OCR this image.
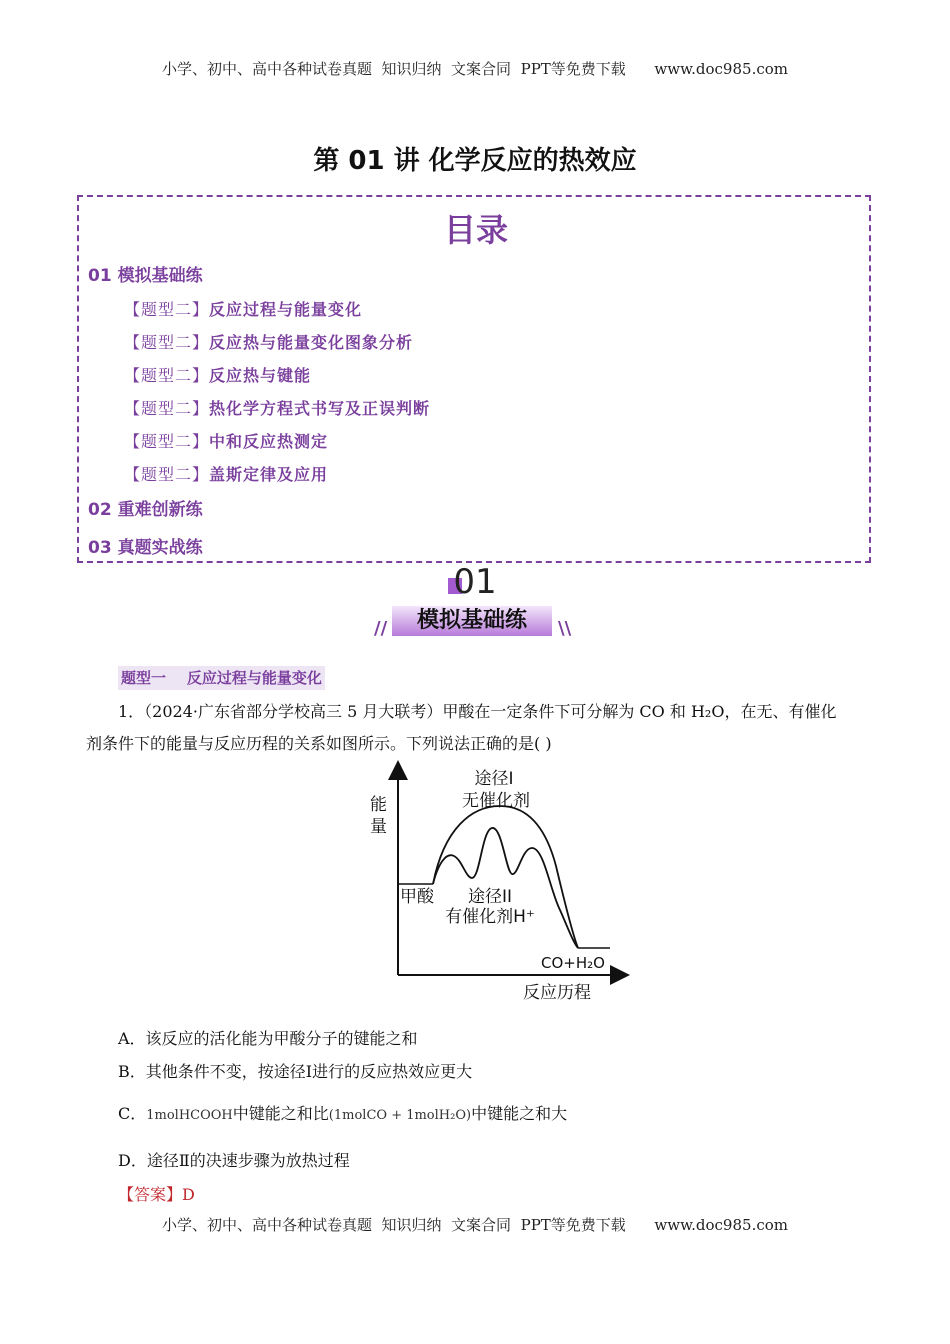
小学、初中、高中各种试卷真题  知识归纳  文案合同  PPT等免费下载      www.doc985.com
第 01 讲 化学反应的热效应
目录
01 模拟基础练
【题型二】反应过程与能量变化
【题型二】反应热与能量变化图象分析
【题型二】反应热与键能
【题型二】热化学方程式书写及正误判断
【题型二】中和反应热测定
【题型二】盖斯定律及应用
02 重难创新练
03 真题实战练
01
//	模拟基础练	\\
题型一    反应过程与能量变化
1．（2024·广东省部分学校高三 5 月大联考）甲酸在一定条件下可分解为 CO 和 H₂O，在无、有催化
剂条件下的能量与反应历程的关系如图所示。下列说法正确的是( )
能
量
途径I
无催化剂
甲酸 途径II
有催化剂H⁺
CO+H₂O
反应历程
A．该反应的活化能为甲酸分子的键能之和
B．其他条件不变，按途径Ⅰ进行的反应热效应更大
C．1molHCOOH中键能之和比(1molCO + 1molH₂O)中键能之和大
D．途径Ⅱ的决速步骤为放热过程
【答案】D
小学、初中、高中各种试卷真题  知识归纳  文案合同  PPT等免费下载      www.doc985.com
